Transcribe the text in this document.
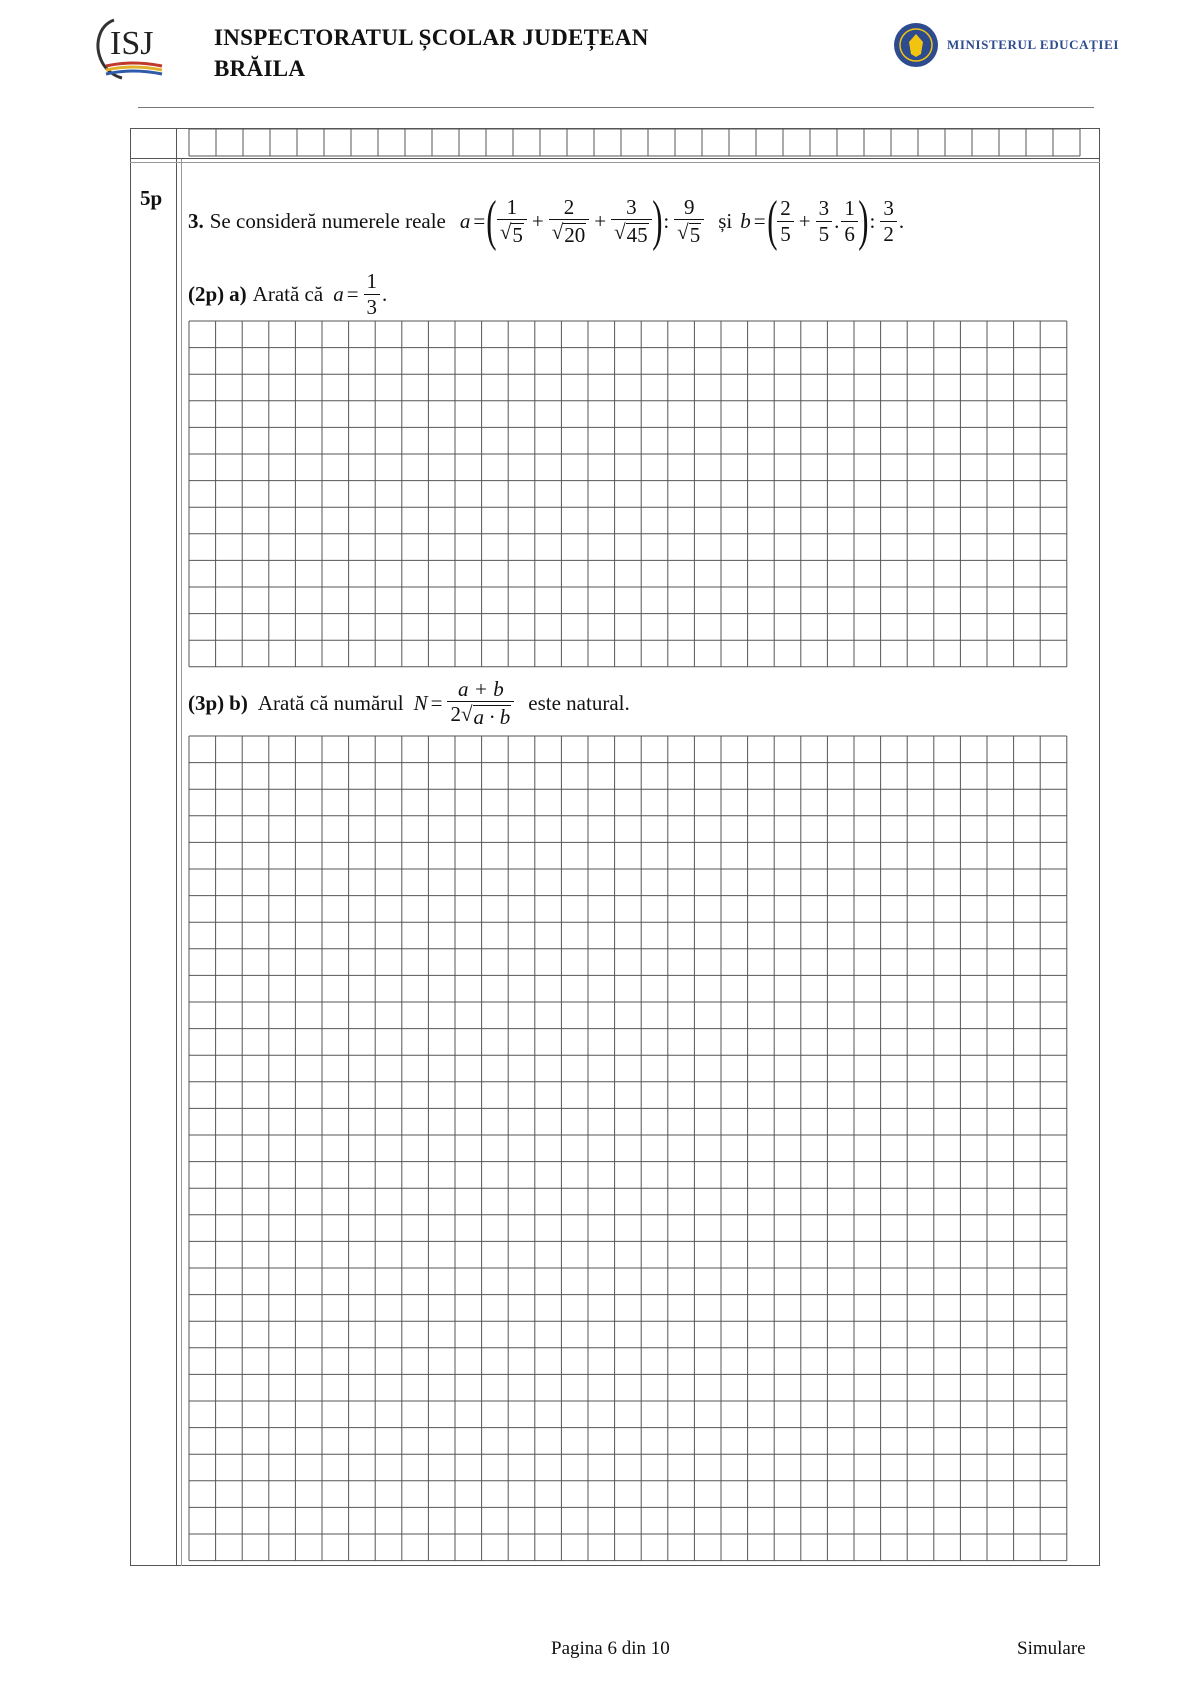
ISJ	INSPECTORATUL ȘCOLAR JUDEȚEAN
BRĂILA
MINISTERUL EDUCAȚIEI
5p
3. Se consideră numerele reale a = ( $\frac{1}{√ 5} + \frac{2}{√ 20} + \frac{3}{√ 45}$ ) : $\frac{9}{√ 5}$ și b = ( $\frac{2}{5} + \frac{3}{5}$ . $\frac{1}{6}$ ) : $\frac{3}{2}$ .
(2p) a) Arată că $a = \frac{1}{3}$ .
(3p) b) Arată că numărul $N = \frac{a + b}{2√ a \cdot b}$ este natural.
Pagina 6 din 10	Simulare
